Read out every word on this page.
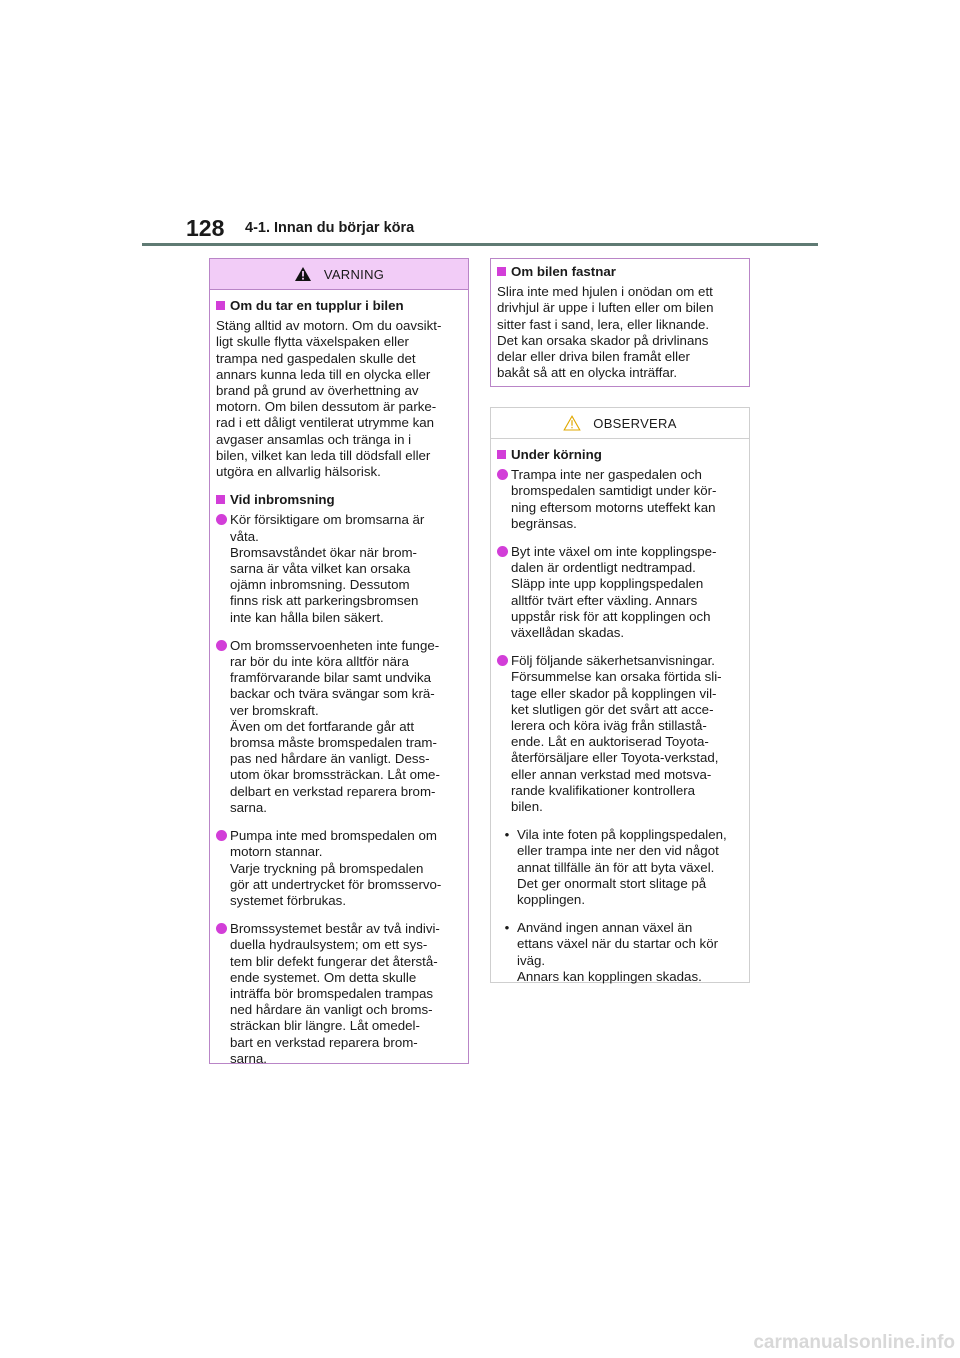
128 4-1. Innan du börjar köra
VARNING
Om du tar en tupplur i bilen

Stäng alltid av motorn. Om du oavsikt-
ligt skulle flytta växelspaken eller
trampa ned gaspedalen skulle det
annars kunna leda till en olycka eller
brand på grund av överhettning av
motorn. Om bilen dessutom är parke-
rad i ett dåligt ventilerat utrymme kan
avgaser ansamlas och tränga in i
bilen, vilket kan leda till dödsfall eller
utgöra en allvarlig hälsorisk.

Vid inbromsning
Kör försiktigare om bromsarna är
våta.
Bromsavståndet ökar när brom-
sarna är våta vilket kan orsaka
ojämn inbromsning. Dessutom
finns risk att parkeringsbromsen
inte kan hålla bilen säkert.
Om bromsservoenheten inte funge-
rar bör du inte köra alltför nära
framförvarande bilar samt undvika
backar och tvära svängar som krä-
ver bromskraft.
Även om det fortfarande går att
bromsa måste bromspedalen tram-
pas ned hårdare än vanligt. Dess-
utom ökar bromssträckan. Låt ome-
delbart en verkstad reparera brom-
sarna.
Pumpa inte med bromspedalen om
motorn stannar.
Varje tryckning på bromspedalen
gör att undertrycket för bromsservo-
systemet förbrukas.
Bromssystemet består av två indivi-
duella hydraulsystem; om ett sys-
tem blir defekt fungerar det återstå-
ende systemet. Om detta skulle
inträffa bör bromspedalen trampas
ned hårdare än vanligt och broms-
sträckan blir längre. Låt omedel-
bart en verkstad reparera brom-
sarna.
Om bilen fastnar

Slira inte med hjulen i onödan om ett
drivhjul är uppe i luften eller om bilen
sitter fast i sand, lera, eller liknande.
Det kan orsaka skador på drivlinans
delar eller driva bilen framåt eller
bakåt så att en olycka inträffar.

OBSERVERA
Under körning
Trampa inte ner gaspedalen och
bromspedalen samtidigt under kör-
ning eftersom motorns uteffekt kan
begränsas.
Byt inte växel om inte kopplingspe-
dalen är ordentligt nedtrampad.
Släpp inte upp kopplingspedalen
alltför tvärt efter växling. Annars
uppstår risk för att kopplingen och
växellådan skadas.
Följ följande säkerhetsanvisningar.
Försummelse kan orsaka förtida sli-
tage eller skador på kopplingen vil-
ket slutligen gör det svårt att acce-
lerera och köra iväg från stillastå-
ende. Låt en auktoriserad Toyota-
återförsäljare eller Toyota-verkstad,
eller annan verkstad med motsva-
rande kvalifikationer kontrollera
bilen.
• Vila inte foten på kopplingspedalen,
eller trampa inte ner den vid något
annat tillfälle än för att byta växel.
Det ger onormalt stort slitage på
kopplingen.
• Använd ingen annan växel än
ettans växel när du startar och kör
iväg.
Annars kan kopplingen skadas.
carmanualsonline.info
